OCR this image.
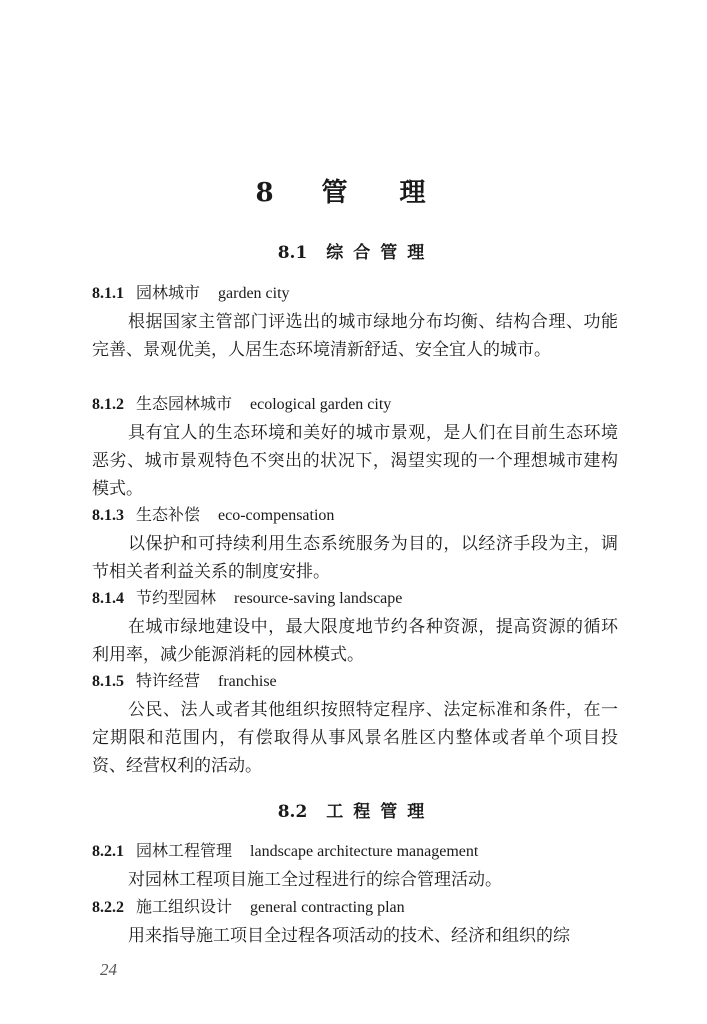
8 管 理
8.1 综 合 管 理
8.1.1 园林城市 garden city
根据国家主管部门评选出的城市绿地分布均衡、结构合理、功能完善、景观优美，人居生态环境清新舒适、安全宜人的城市。
8.1.2 生态园林城市 ecological garden city
具有宜人的生态环境和美好的城市景观，是人们在目前生态环境恶劣、城市景观特色不突出的状况下，渴望实现的一个理想城市建构模式。
8.1.3 生态补偿 eco-compensation
以保护和可持续利用生态系统服务为目的，以经济手段为主，调节相关者利益关系的制度安排。
8.1.4 节约型园林 resource-saving landscape
在城市绿地建设中，最大限度地节约各种资源，提高资源的循环利用率，减少能源消耗的园林模式。
8.1.5 特许经营 franchise
公民、法人或者其他组织按照特定程序、法定标准和条件，在一定期限和范围内，有偿取得从事风景名胜区内整体或者单个项目投资、经营权利的活动。
8.2 工 程 管 理
8.2.1 园林工程管理 landscape architecture management
对园林工程项目施工全过程进行的综合管理活动。
8.2.2 施工组织设计 general contracting plan
用来指导施工项目全过程各项活动的技术、经济和组织的综
24
